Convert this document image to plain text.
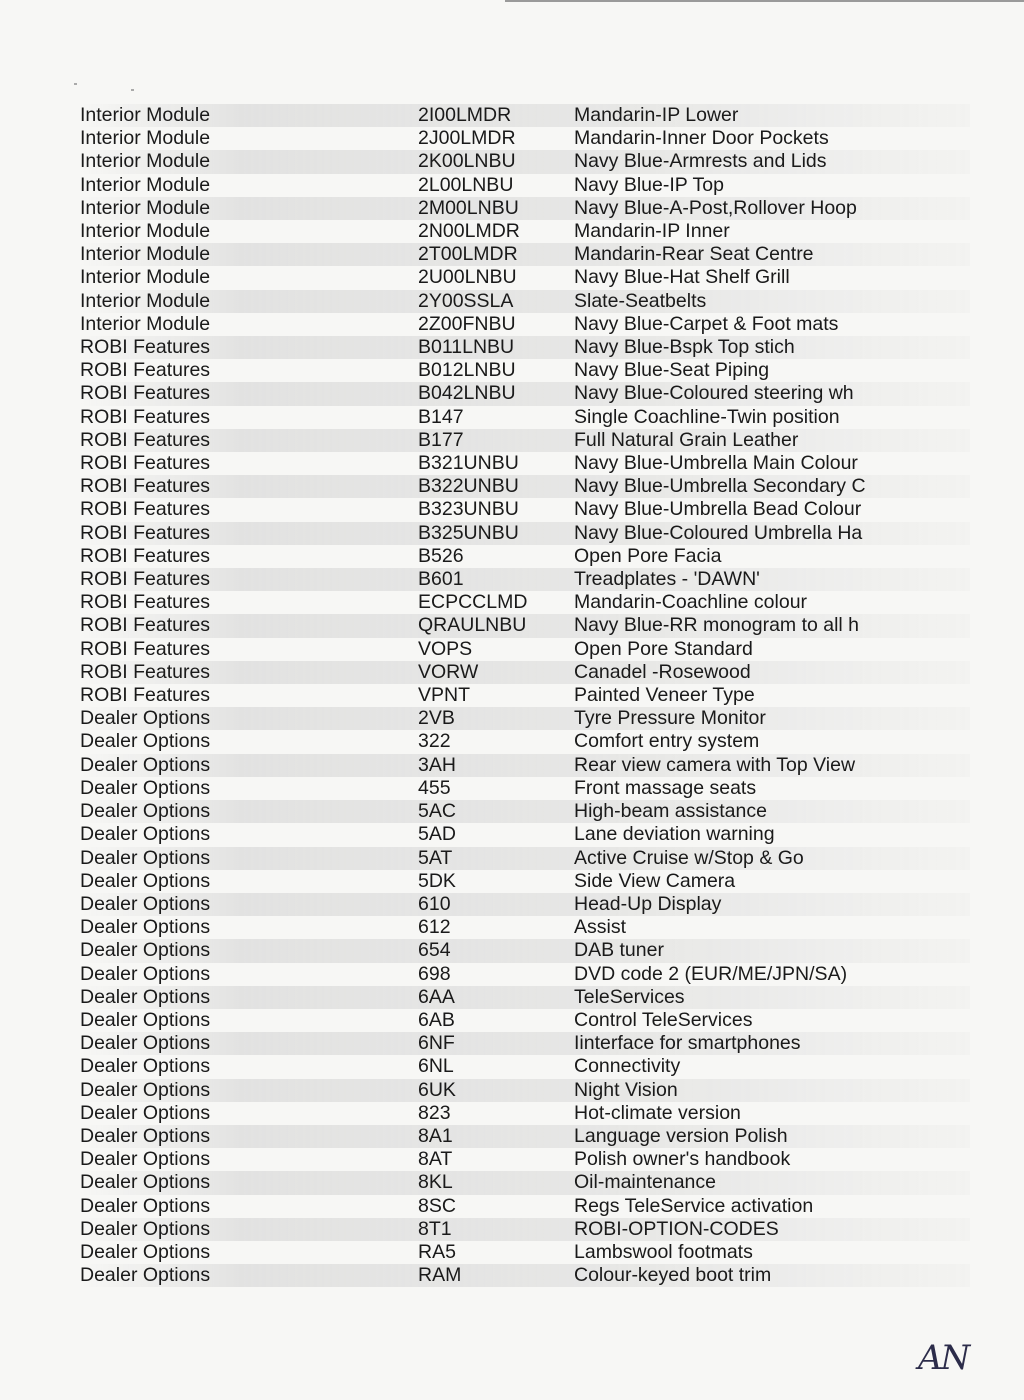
Interior Module	2I00LMDR	Mandarin-IP Lower
Interior Module	2J00LMDR	Mandarin-Inner Door Pockets
Interior Module	2K00LNBU	Navy Blue-Armrests and Lids
Interior Module	2L00LNBU	Navy Blue-IP Top
Interior Module	2M00LNBU	Navy Blue-A-Post,Rollover Hoop
Interior Module	2N00LMDR	Mandarin-IP Inner
Interior Module	2T00LMDR	Mandarin-Rear Seat Centre
Interior Module	2U00LNBU	Navy Blue-Hat Shelf Grill
Interior Module	2Y00SSLA	Slate-Seatbelts
Interior Module	2Z00FNBU	Navy Blue-Carpet & Foot mats
ROBI Features	B011LNBU	Navy Blue-Bspk Top stich
ROBI Features	B012LNBU	Navy Blue-Seat Piping
ROBI Features	B042LNBU	Navy Blue-Coloured steering wh
ROBI Features	B147	Single Coachline-Twin position
ROBI Features	B177	Full Natural Grain Leather
ROBI Features	B321UNBU	Navy Blue-Umbrella Main Colour
ROBI Features	B322UNBU	Navy Blue-Umbrella Secondary C
ROBI Features	B323UNBU	Navy Blue-Umbrella Bead Colour
ROBI Features	B325UNBU	Navy Blue-Coloured Umbrella Ha
ROBI Features	B526	Open Pore Facia
ROBI Features	B601	Treadplates - 'DAWN'
ROBI Features	ECPCCLMD	Mandarin-Coachline colour
ROBI Features	QRAULNBU	Navy Blue-RR monogram to all h
ROBI Features	VOPS	Open Pore Standard
ROBI Features	VORW	Canadel -Rosewood
ROBI Features	VPNT	Painted Veneer Type
Dealer Options	2VB	Tyre Pressure Monitor
Dealer Options	322	Comfort entry system
Dealer Options	3AH	Rear view camera with Top View
Dealer Options	455	Front massage seats
Dealer Options	5AC	High-beam assistance
Dealer Options	5AD	Lane deviation warning
Dealer Options	5AT	Active Cruise w/Stop & Go
Dealer Options	5DK	Side View Camera
Dealer Options	610	Head-Up Display
Dealer Options	612	Assist
Dealer Options	654	DAB tuner
Dealer Options	698	DVD code 2 (EUR/ME/JPN/SA)
Dealer Options	6AA	TeleServices
Dealer Options	6AB	Control TeleServices
Dealer Options	6NF	Iinterface for smartphones
Dealer Options	6NL	Connectivity
Dealer Options	6UK	Night Vision
Dealer Options	823	Hot-climate version
Dealer Options	8A1	Language version Polish
Dealer Options	8AT	Polish owner's handbook
Dealer Options	8KL	Oil-maintenance
Dealer Options	8SC	Regs TeleService activation
Dealer Options	8T1	ROBI-OPTION-CODES
Dealer Options	RA5	Lambswool footmats
Dealer Options	RAM	Colour-keyed boot trim
AN
